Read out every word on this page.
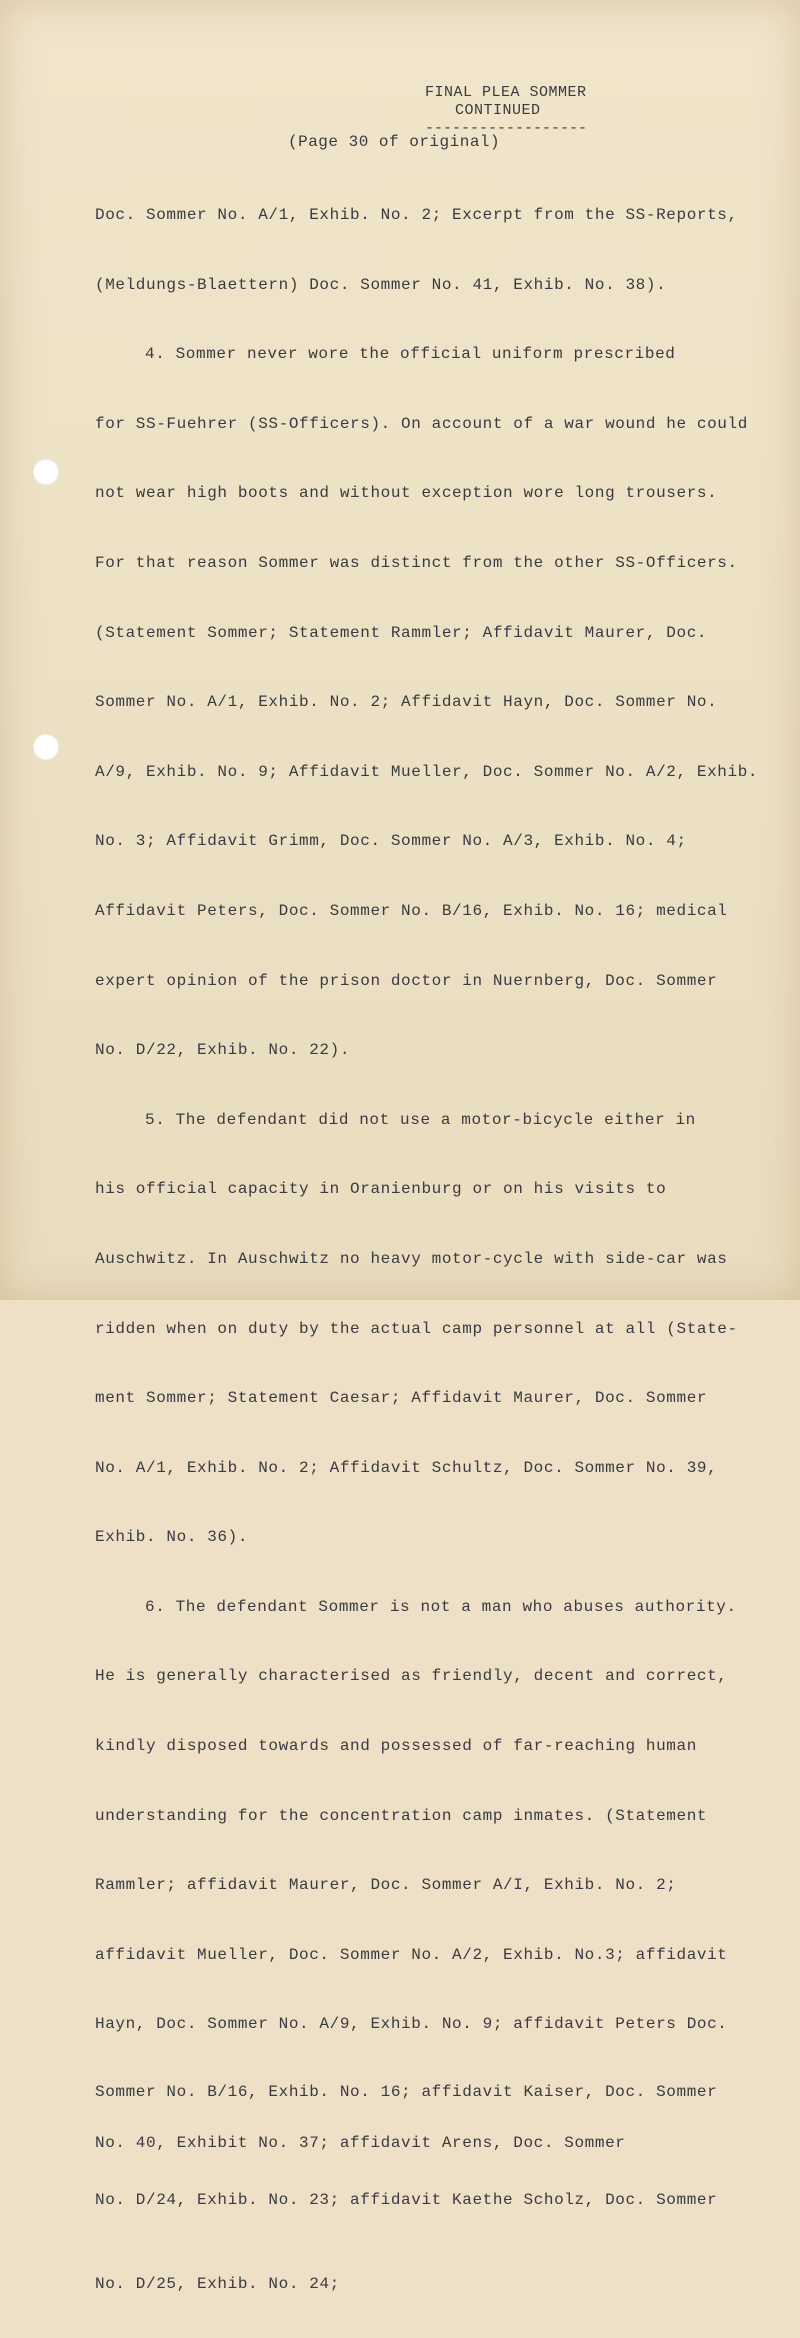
FINAL PLEA SOMMER
CONTINUED
------------------
(Page 30 of original)

Doc. Sommer No. A/1, Exhib. No. 2; Excerpt from the SS-Reports,

(Meldungs-Blaettern) Doc. Sommer No. 41, Exhib. No. 38).

4. Sommer never wore the official uniform prescribed

for SS-Fuehrer (SS-Officers). On account of a war wound he could

not wear high boots and without exception wore long trousers.

For that reason Sommer was distinct from the other SS-Officers.

(Statement Sommer; Statement Rammler; Affidavit Maurer, Doc.

Sommer No. A/1, Exhib. No. 2; Affidavit Hayn, Doc. Sommer No.

A/9, Exhib. No. 9; Affidavit Mueller, Doc. Sommer No. A/2, Exhib.

No. 3; Affidavit Grimm, Doc. Sommer No. A/3, Exhib. No. 4;

Affidavit Peters, Doc. Sommer No. B/16, Exhib. No. 16; medical

expert opinion of the prison doctor in Nuernberg, Doc. Sommer

No. D/22, Exhib. No. 22).

5. The defendant did not use a motor-bicycle either in

his official capacity in Oranienburg or on his visits to

Auschwitz. In Auschwitz no heavy motor-cycle with side-car was

ridden when on duty by the actual camp personnel at all (State-

ment Sommer; Statement Caesar; Affidavit Maurer, Doc. Sommer

No. A/1, Exhib. No. 2; Affidavit Schultz, Doc. Sommer No. 39,

Exhib. No. 36).

6. The defendant Sommer is not a man who abuses authority.

He is generally characterised as friendly, decent and correct,

kindly disposed towards and possessed of far-reaching human

understanding for the concentration camp inmates. (Statement

Rammler; affidavit Maurer, Doc. Sommer A/I, Exhib. No. 2;

affidavit Mueller, Doc. Sommer No. A/2, Exhib. No.3; affidavit

Hayn, Doc. Sommer No. A/9, Exhib. No. 9; affidavit Peters Doc.

Sommer No. B/16, Exhib. No. 16; affidavit Kaiser, Doc. Sommer

No. 40, Exhibit No. 37; affidavit Arens, Doc. Sommer

No. D/24, Exhib. No. 23; affidavit Kaethe Scholz, Doc. Sommer

No. D/25, Exhib. No. 24;
